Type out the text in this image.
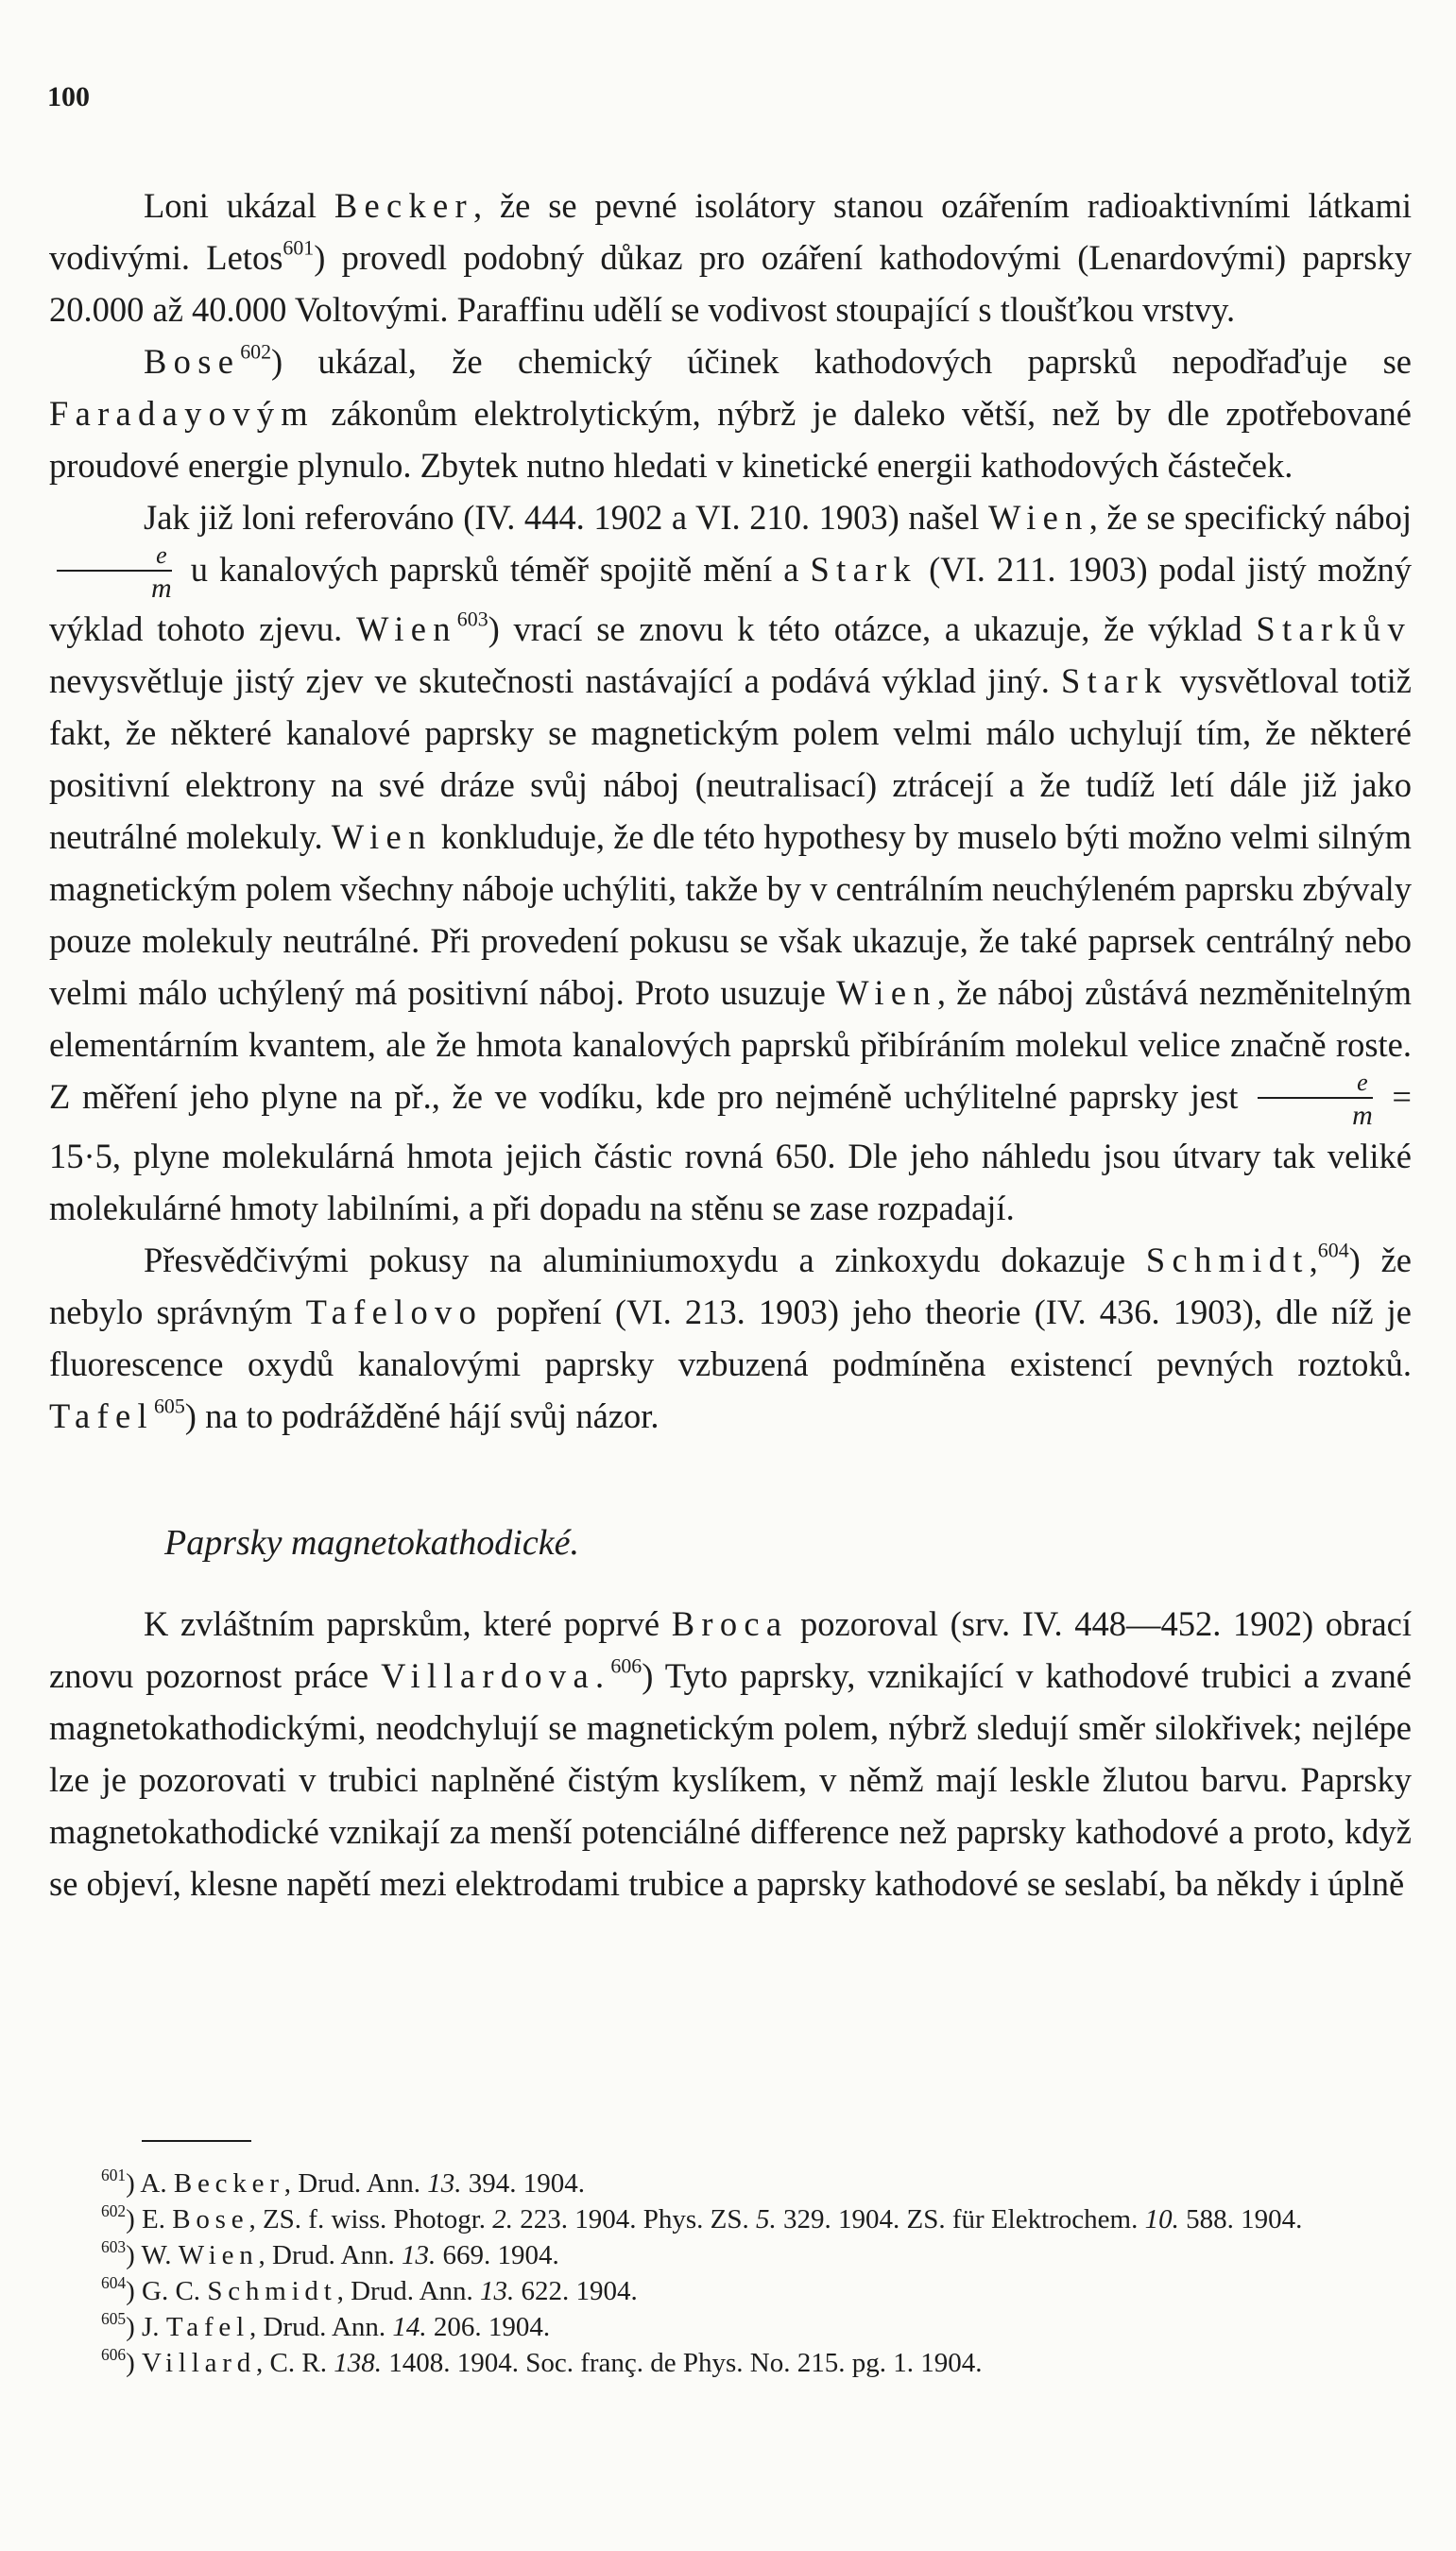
100

Loni ukázal Becker, že se pevné isolátory stanou ozářením radioaktivními látkami vodivými. Letos$^{601}$) provedl podobný důkaz pro ozáření kathodovými (Lenardovými) paprsky 20.000 až 40.000 Voltovými. Paraffinu udělí se vodivost stoupající s tloušťkou vrstvy.

Bose$^{602}$) ukázal, že chemický účinek kathodových paprsků nepodřaďuje se Faradayovým zákonům elektrolytickým, nýbrž je daleko větší, než by dle zpotřebované proudové energie plynulo. Zbytek nutno hledati v kinetické energii kathodových částeček.

Jak již loni referováno (IV. 444. 1902 a VI. 210. 1903) našel Wien, že se specifický náboj
$\frac{e}{m}$ u kanalových paprsků téměř spojitě mění a Stark (VI. 211. 1903) podal jistý možný výklad tohoto zjevu. Wien$^{603}$) vrací se znovu k této otázce, a ukazuje, že výklad Starkův nevysvětluje jistý zjev ve skutečnosti nastávající a podává výklad jiný. Stark vysvětloval totiž fakt, že některé kanalové paprsky se magnetickým polem velmi málo uchylují tím, že některé positivní elektrony na své dráze svůj náboj (neutralisací) ztrácejí a že tudíž letí dále již jako neutrálné molekuly. Wien konkluduje, že dle této hypothesy by muselo býti možno velmi silným magnetickým polem všechny náboje uchýliti, takže by v centrálním neuchýleném paprsku zbývaly pouze molekuly neutrálné. Při provedení pokusu se však ukazuje, že také paprsek centrálný nebo velmi málo uchýlený má positivní náboj. Proto usuzuje Wien, že náboj zůstává nezměnitelným elementárním kvantem, ale že hmota kanalových paprsků přibíráním molekul velice značně roste. Z měření jeho plyne na př., že ve vodíku, kde pro nejméně uchýlitelné paprsky jest $\frac{e}{m} = 15\cdot 5$, plyne molekulárná hmota jejich částic rovná 650. Dle jeho náhledu jsou útvary tak veliké molekulárné hmoty labilními, a při dopadu na stěnu se zase rozpadají.

Přesvědčivými pokusy na aluminiumoxydu a zinkoxydu dokazuje Schmidt,$^{604}$) že nebylo správným Tafelovo popření (VI. 213. 1903) jeho theorie (IV. 436. 1903), dle níž je fluorescence oxydů kanalovými paprsky vzbuzená podmíněna existencí pevných roztoků. Tafel$^{605}$) na to podrážděné hájí svůj názor.

Paprsky magnetokathodické.

K zvláštním paprskům, které poprvé Broca pozoroval (srv. IV. 448—452. 1902) obrací znovu pozornost práce Villardova.$^{606}$) Tyto paprsky, vznikající v kathodové trubici a zvané magnetokathodickými, neodchylují se magnetickým polem, nýbrž sledují směr silokřivek; nejlépe lze je pozorovati v trubici naplněné čistým kyslíkem, v němž mají leskle žlutou barvu. Paprsky magnetokathodické vznikají za menší potenciálné difference než paprsky kathodové a proto, když se objeví, klesne napětí mezi elektrodami trubice a paprsky kathodové se seslabí, ba někdy i úplně

$^{601}$) A. Becker, Drud. Ann. 13. 394. 1904.

$^{602}$) E. Bose, ZS. f. wiss. Photogr. 2. 223. 1904. Phys. ZS. 5. 329. 1904. ZS. für Elektrochem. 10. 588. 1904.

$^{603}$) W. Wien, Drud. Ann. 13. 669. 1904.

$^{604}$) G. C. Schmidt, Drud. Ann. 13. 622. 1904.

$^{605}$) J. Tafel, Drud. Ann. 14. 206. 1904.

$^{606}$) Villard, C. R. 138. 1408. 1904. Soc. franç. de Phys. No. 215. pg. 1. 1904.
